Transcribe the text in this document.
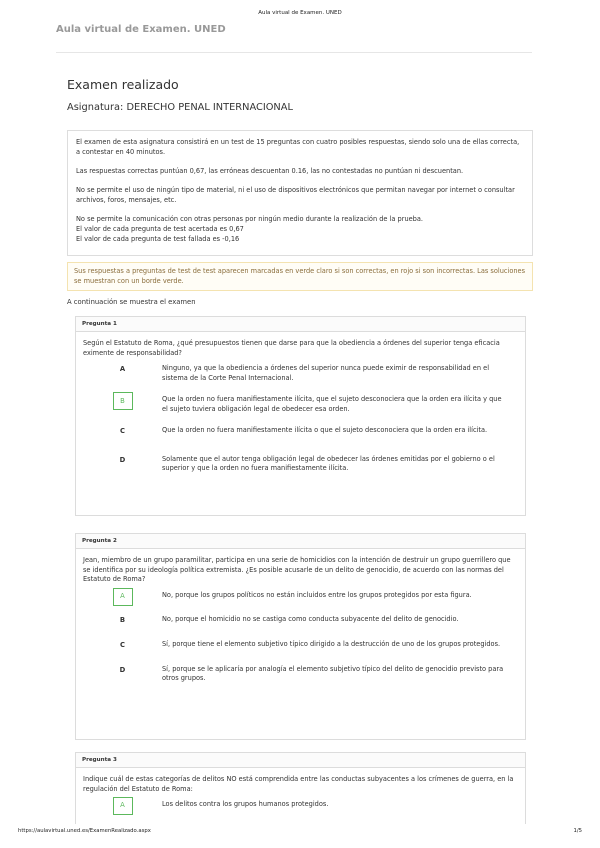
Aula virtual de Examen. UNED
Aula virtual de Examen. UNED
Examen realizado
Asignatura: DERECHO PENAL INTERNACIONAL

El examen de esta asignatura consistirá en un test de 15 preguntas con cuatro posibles respuestas, siendo solo una de ellas correcta, a contestar en 40 minutos.

Las respuestas correctas puntúan 0,67, las erróneas descuentan 0.16, las no contestadas no puntúan ni descuentan.

No se permite el uso de ningún tipo de material, ni el uso de dispositivos electrónicos que permitan navegar por internet o consultar archivos, foros, mensajes, etc.

No se permite la comunicación con otras personas por ningún medio durante la realización de la prueba.

El valor de cada pregunta de test acertada es 0,67

El valor de cada pregunta de test fallada es -0,16

Sus respuestas a preguntas de test de test aparecen marcadas en verde claro si son correctas, en rojo si son incorrectas. Las soluciones se muestran con un borde verde.
A continuación se muestra el examen
Pregunta 1
Según el Estatuto de Roma, ¿qué presupuestos tienen que darse para que la obediencia a órdenes del superior tenga eficacia eximente de responsabilidad?
A	Ninguno, ya que la obediencia a órdenes del superior nunca puede eximir de responsabilidad en el sistema de la Corte Penal Internacional.
B	Que la orden no fuera manifiestamente ilícita, que el sujeto desconociera que la orden era ilícita y que el sujeto tuviera obligación legal de obedecer esa orden.
C	Que la orden no fuera manifiestamente ilícita o que el sujeto desconociera que la orden era ilícita.
D	Solamente que el autor tenga obligación legal de obedecer las órdenes emitidas por el gobierno o el superior y que la orden no fuera manifiestamente ilícita.
Pregunta 2
Jean, miembro de un grupo paramilitar, participa en una serie de homicidios con la intención de destruir un grupo guerrillero que se identifica por su ideología política extremista. ¿Es posible acusarle de un delito de genocidio, de acuerdo con las normas del Estatuto de Roma?
A	No, porque los grupos políticos no están incluidos entre los grupos protegidos por esta figura.
B	No, porque el homicidio no se castiga como conducta subyacente del delito de genocidio.
C	Sí, porque tiene el elemento subjetivo típico dirigido a la destrucción de uno de los grupos protegidos.
D	Sí, porque se le aplicaría por analogía el elemento subjetivo típico del delito de genocidio previsto para otros grupos.
Pregunta 3
Indique cuál de estas categorías de delitos NO está comprendida entre las conductas subyacentes a los crímenes de guerra, en la regulación del Estatuto de Roma:
A	Los delitos contra los grupos humanos protegidos.
https://aulavirtual.uned.es/ExamenRealizado.aspx	1/5
